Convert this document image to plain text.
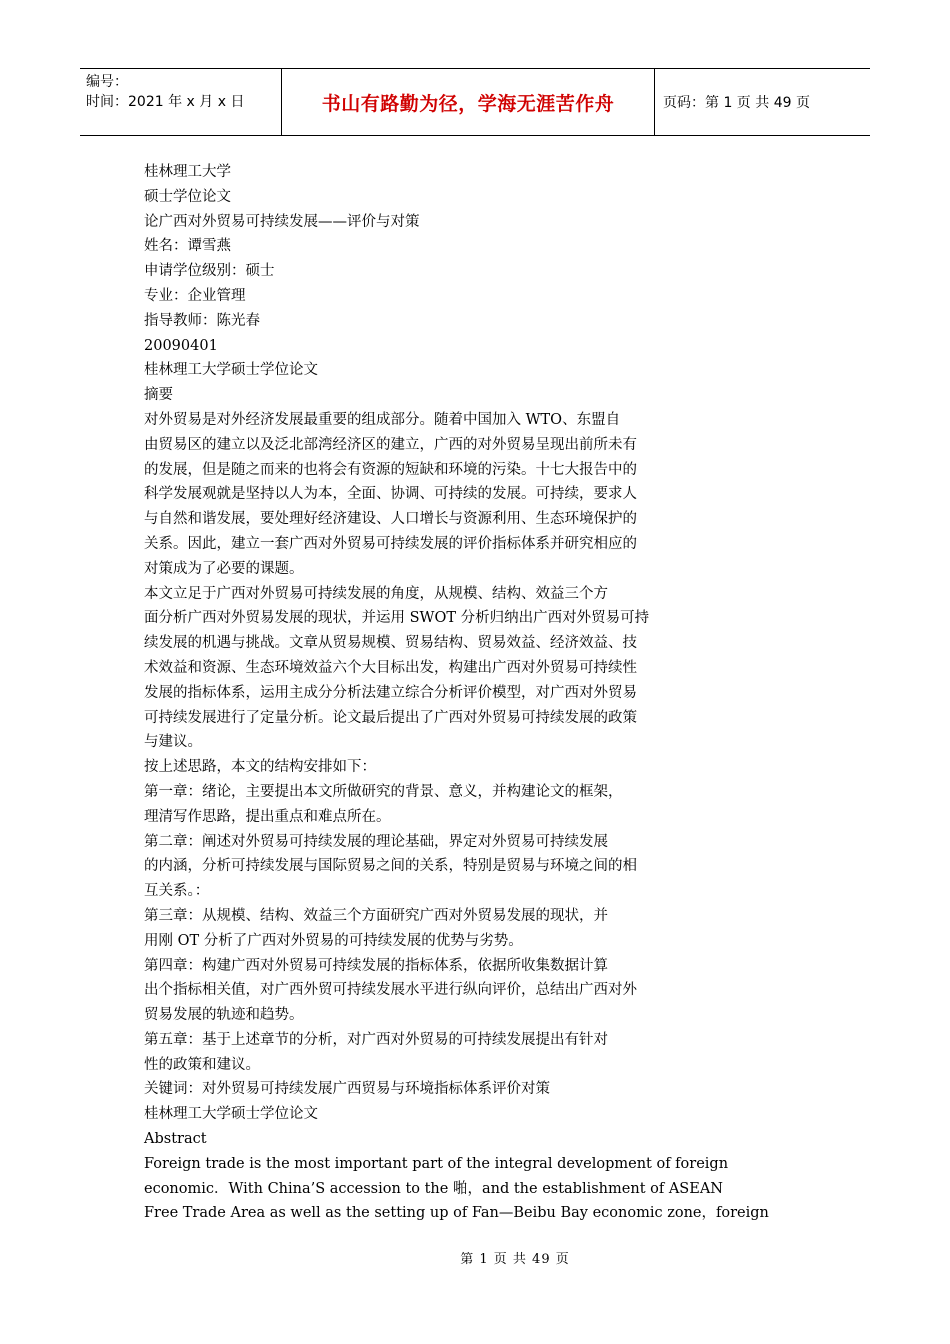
编号：
时间：2021 年 x 月 x 日	书山有路勤为径，学海无涯苦作舟	页码：第 1 页 共 49 页

桂林理工大学

硕士学位论文

论广西对外贸易可持续发展——评价与对策

姓名：谭雪燕

申请学位级别：硕士

专业：企业管理

指导教师：陈光春

20090401

桂林理工大学硕士学位论文

摘要

对外贸易是对外经济发展最重要的组成部分。随着中国加入 WTO、东盟自

由贸易区的建立以及泛北部湾经济区的建立，广西的对外贸易呈现出前所未有

的发展，但是随之而来的也将会有资源的短缺和环境的污染。十七大报告中的

科学发展观就是坚持以人为本，全面、协调、可持续的发展。可持续，要求人

与自然和谐发展，要处理好经济建设、人口增长与资源利用、生态环境保护的

关系。因此，建立一套广西对外贸易可持续发展的评价指标体系并研究相应的

对策成为了必要的课题。

本文立足于广西对外贸易可持续发展的角度，从规模、结构、效益三个方

面分析广西对外贸易发展的现状，并运用 SWOT 分析归纳出广西对外贸易可持

续发展的机遇与挑战。文章从贸易规模、贸易结构、贸易效益、经济效益、技

术效益和资源、生态环境效益六个大目标出发，构建出广西对外贸易可持续性

发展的指标体系，运用主成分分析法建立综合分析评价模型，对广西对外贸易

可持续发展进行了定量分析。论文最后提出了广西对外贸易可持续发展的政策

与建议。

按上述思路，本文的结构安排如下：

第一章：绪论，主要提出本文所做研究的背景、意义，并构建论文的框架，

理清写作思路，提出重点和难点所在。

第二章：阐述对外贸易可持续发展的理论基础，界定对外贸易可持续发展

的内涵，分析可持续发展与国际贸易之间的关系，特别是贸易与环境之间的相

互关系。：

第三章：从规模、结构、效益三个方面研究广西对外贸易发展的现状，并

用刚 OT 分析了广西对外贸易的可持续发展的优势与劣势。

第四章：构建广西对外贸易可持续发展的指标体系，依据所收集数据计算

出个指标相关值，对广西外贸可持续发展水平进行纵向评价，总结出广西对外

贸易发展的轨迹和趋势。

第五章：基于上述章节的分析，对广西对外贸易的可持续发展提出有针对

性的政策和建议。

关键词：对外贸易可持续发展广西贸易与环境指标体系评价对策

桂林理工大学硕士学位论文

Abstract

Foreign trade is the most important part of the integral development of foreign

economic．With China’S accession to the 啪，and the establishment of ASEAN

Free Trade Area as well as the setting up of Fan—Beibu Bay economic zone，foreign

第 1 页 共 49 页
